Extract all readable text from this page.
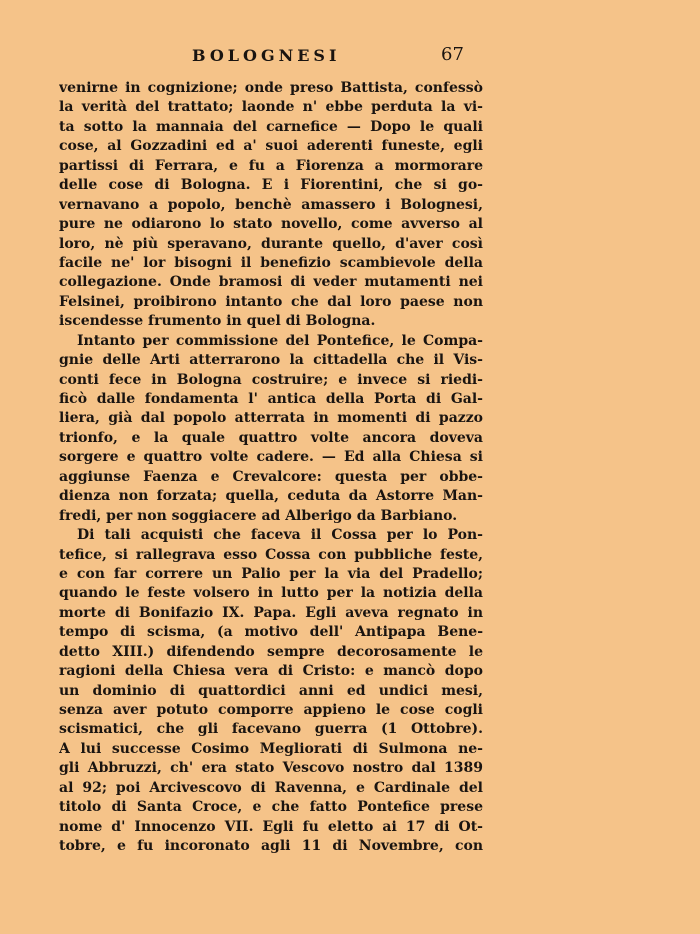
BOLOGNESI	67
venirne in cognizione; onde preso Battista, confessò
la verità del trattato; laonde n' ebbe perduta la vi-
ta sotto la mannaia del carnefice — Dopo le quali
cose, al Gozzadini ed a' suoi aderenti funeste, egli
partissi di Ferrara, e fu a Fiorenza a mormorare
delle cose di Bologna. E i Fiorentini, che si go-
vernavano a popolo, benchè amassero i Bolognesi,
pure ne odiarono lo stato novello, come avverso al
loro, nè più speravano, durante quello, d'aver così
facile ne' lor bisogni il benefizio scambievole della
collegazione. Onde bramosi di veder mutamenti nei
Felsinei, proibirono intanto che dal loro paese non
iscendesse frumento in quel di Bologna.
Intanto per commissione del Pontefice, le Compa-
gnie delle Arti atterrarono la cittadella che il Vis-
conti fece in Bologna costruire; e invece si riedi-
ficò dalle fondamenta l' antica della Porta di Gal-
liera, già dal popolo atterrata in momenti di pazzo
trionfo, e la quale quattro volte ancora doveva
sorgere e quattro volte cadere. — Ed alla Chiesa si
aggiunse Faenza e Crevalcore: questa per obbe-
dienza non forzata; quella, ceduta da Astorre Man-
fredi, per non soggiacere ad Alberigo da Barbiano.
Di tali acquisti che faceva il Cossa per lo Pon-
tefice, si rallegrava esso Cossa con pubbliche feste,
e con far correre un Palio per la via del Pradello;
quando le feste volsero in lutto per la notizia della
morte di Bonifazio IX. Papa. Egli aveva regnato in
tempo di scisma, (a motivo dell' Antipapa Bene-
detto XIII.) difendendo sempre decorosamente le
ragioni della Chiesa vera di Cristo: e mancò dopo
un dominio di quattordici anni ed undici mesi,
senza aver potuto comporre appieno le cose cogli
scismatici, che gli facevano guerra (1 Ottobre).
A lui successe Cosimo Megliorati di Sulmona ne-
gli Abbruzzi, ch' era stato Vescovo nostro dal 1389
al 92; poi Arcivescovo di Ravenna, e Cardinale del
titolo di Santa Croce, e che fatto Pontefice prese
nome d' Innocenzo VII. Egli fu eletto ai 17 di Ot-
tobre, e fu incoronato agli 11 di Novembre, con
